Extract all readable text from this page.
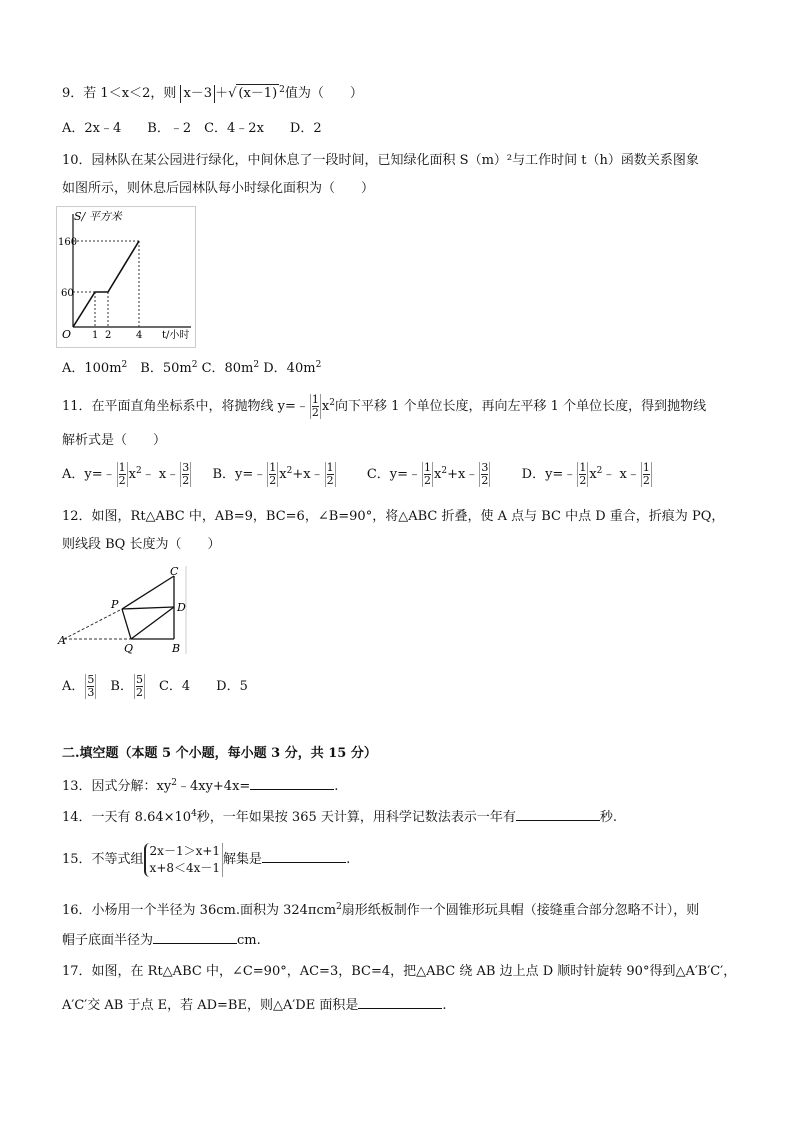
9．若 1＜x＜2，则 x－3 ＋√ (x－1) $^2$值为（　　）
A．2x﹣4　　B．﹣2　C．4﹣2x　　D．2
10．园林队在某公园进行绿化，中间休息了一段时间，已知绿化面积 S（m）²与工作时间 t（h）函数关系图象
如图所示，则休息后园林队每小时绿化面积为（　　）
S/ 平方米
160
60
O 1 2 4 t/小时
A．$100m^2$　B．$50m^2$ C．$80m^2$ D．$40m^2$
11．在平面直角坐标系中，将抛物线 y=﹣ $\frac{1}{2} x^2$向下平移 1 个单位长度，再向左平移 1 个单位长度，得到抛物线
解析式是（　　）
A．y=﹣ $\frac{1}{2}$ $x^2﹣$ x﹣ $\frac{3}{2}$ B．y=﹣ $\frac{1}{2}$ $x^2+x﹣ \frac{1}{2}$ C．y=﹣ $\frac{1}{2}$ $x^2+x﹣ \frac{3}{2}$ D．y=﹣ $\frac{1}{2}$ $x^2﹣$ x﹣ $\frac{1}{2}$
12．如图，Rt△ABC 中，AB=9，BC=6，∠B=90°，将△ABC 折叠，使 A 点与 BC 中点 D 重合，折痕为 PQ，
则线段 BQ 长度为（　　）
C
P	D
A
Q	B
A． $\frac{5}{3}$ 　B． $\frac{5}{2}$ 　C．4　　D．5
二.填空题（本题 5 个小题，每小题 3 分，共 15 分）
13．因式分解：$xy^2﹣4xy+4x=$	.
14．一天有 $8.64\times 10^4$秒，一年如果按 365 天计算，用科学记数法表示一年有	秒.
15．不等式组
2x－1＞x+1
x+8＜4x－1
解集是	.
16．小杨用一个半径为 36cm.面积为 324πcm$^2$扇形纸板制作一个圆锥形玩具帽（接缝重合部分忽略不计），则
帽子底面半径为	cm.
17．如图，在 Rt△ABC 中，∠C=90°，AC=3，BC=4，把△ABC 绕 AB 边上点 D 顺时针旋转 90°得到△A′B′C′，
A′C′交 AB 于点 E，若 AD=BE，则△A′DE 面积是	.
